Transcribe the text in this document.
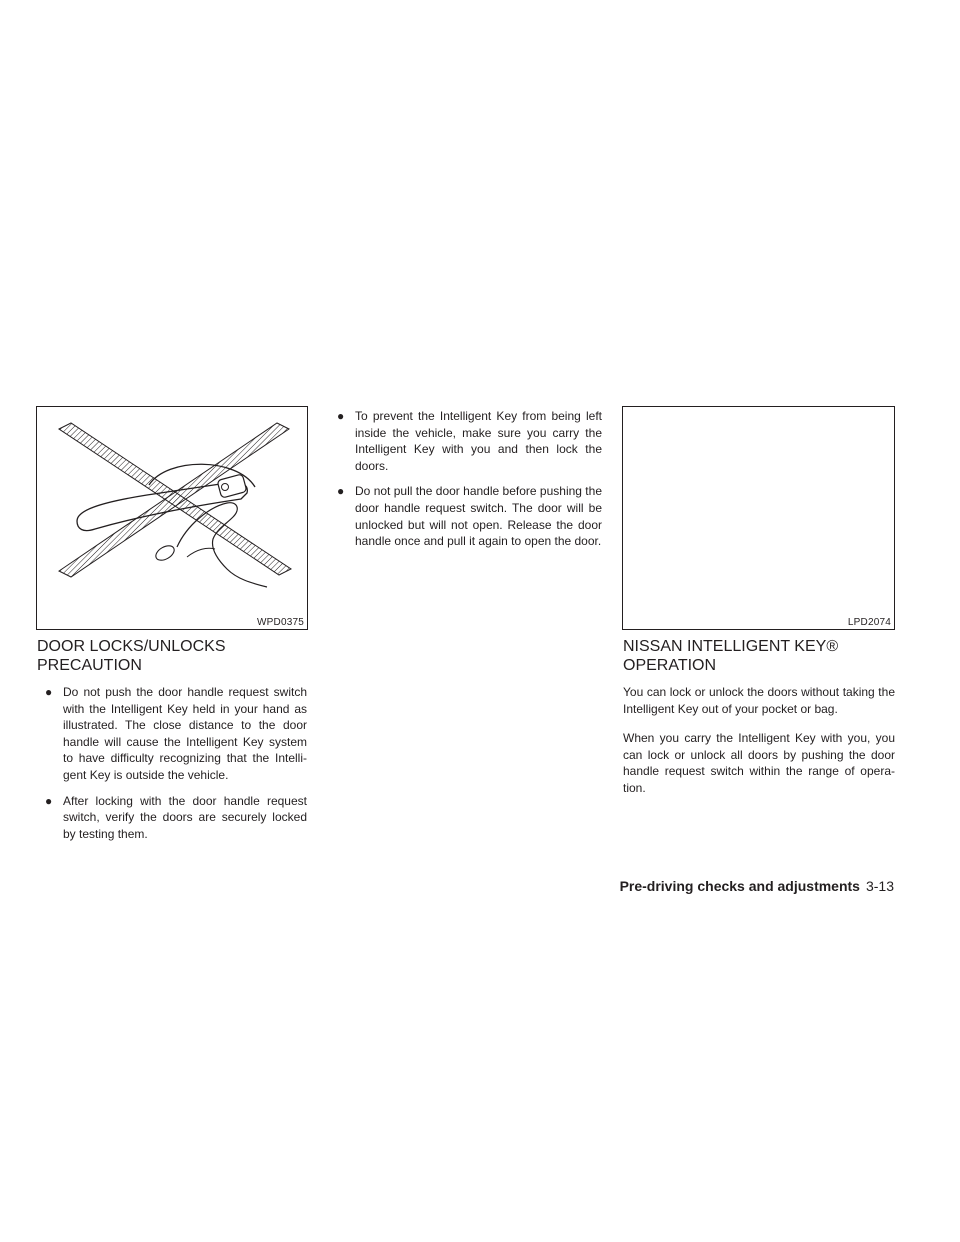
WPD0375	LPD2074
DOOR LOCKS/UNLOCKS
PRECAUTION
● Do not push the door handle request switch with the Intelligent Key held in your hand as illustrated. The close distance to the door handle will cause the Intelligent Key system to have difficulty recognizing that the Intelli-gent Key is outside the vehicle.
● After locking with the door handle request switch, verify the doors are securely locked by testing them.
● To prevent the Intelligent Key from being left inside the vehicle, make sure you carry the Intelligent Key with you and then lock the doors.
● Do not pull the door handle before pushing the door handle request switch. The door will be unlocked but will not open. Release the door handle once and pull it again to open the door.
NISSAN INTELLIGENT KEY®
OPERATION

You can lock or unlock the doors without taking the Intelligent Key out of your pocket or bag.

When you carry the Intelligent Key with you, you can lock or unlock all doors by pushing the door handle request switch within the range of opera-tion.

Pre-driving checks and adjustments 3-13
